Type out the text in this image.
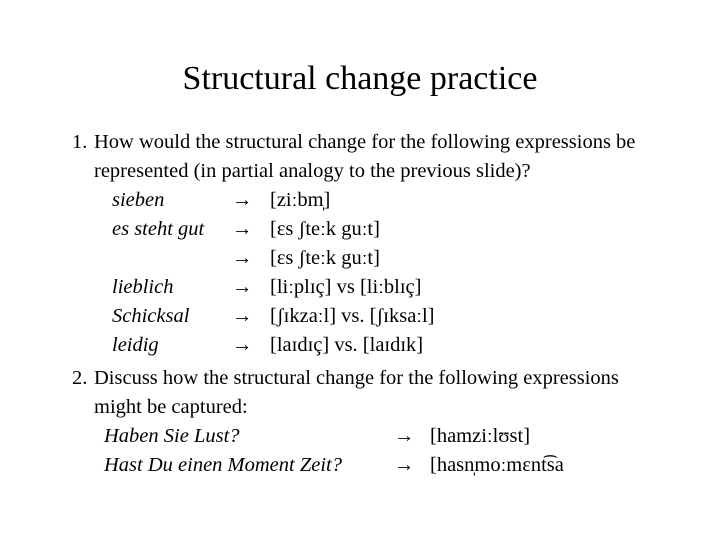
Structural change practice
1. How would the structural change for the following expressions be
represented (in partial analogy to the previous slide)?
sieben	→ [ziːbm̩]
es steht gut → [ɛs ʃteːk guːt]
→ [ɛs ʃteːk guːt]
lieblich	→ [liːplɪç] vs [liːblɪç]
Schicksal → [ʃɪkzaːl] vs. [ʃɪksaːl]
leidig	→ [laɪdɪç] vs. [laɪdɪk]
2. Discuss how the structural change for the following expressions
might be captured:
Haben Sie Lust?	→ [hamziːlʊst]
Hast Du einen Moment Zeit?	→ [hasn̩moːmɛnt͡sa
